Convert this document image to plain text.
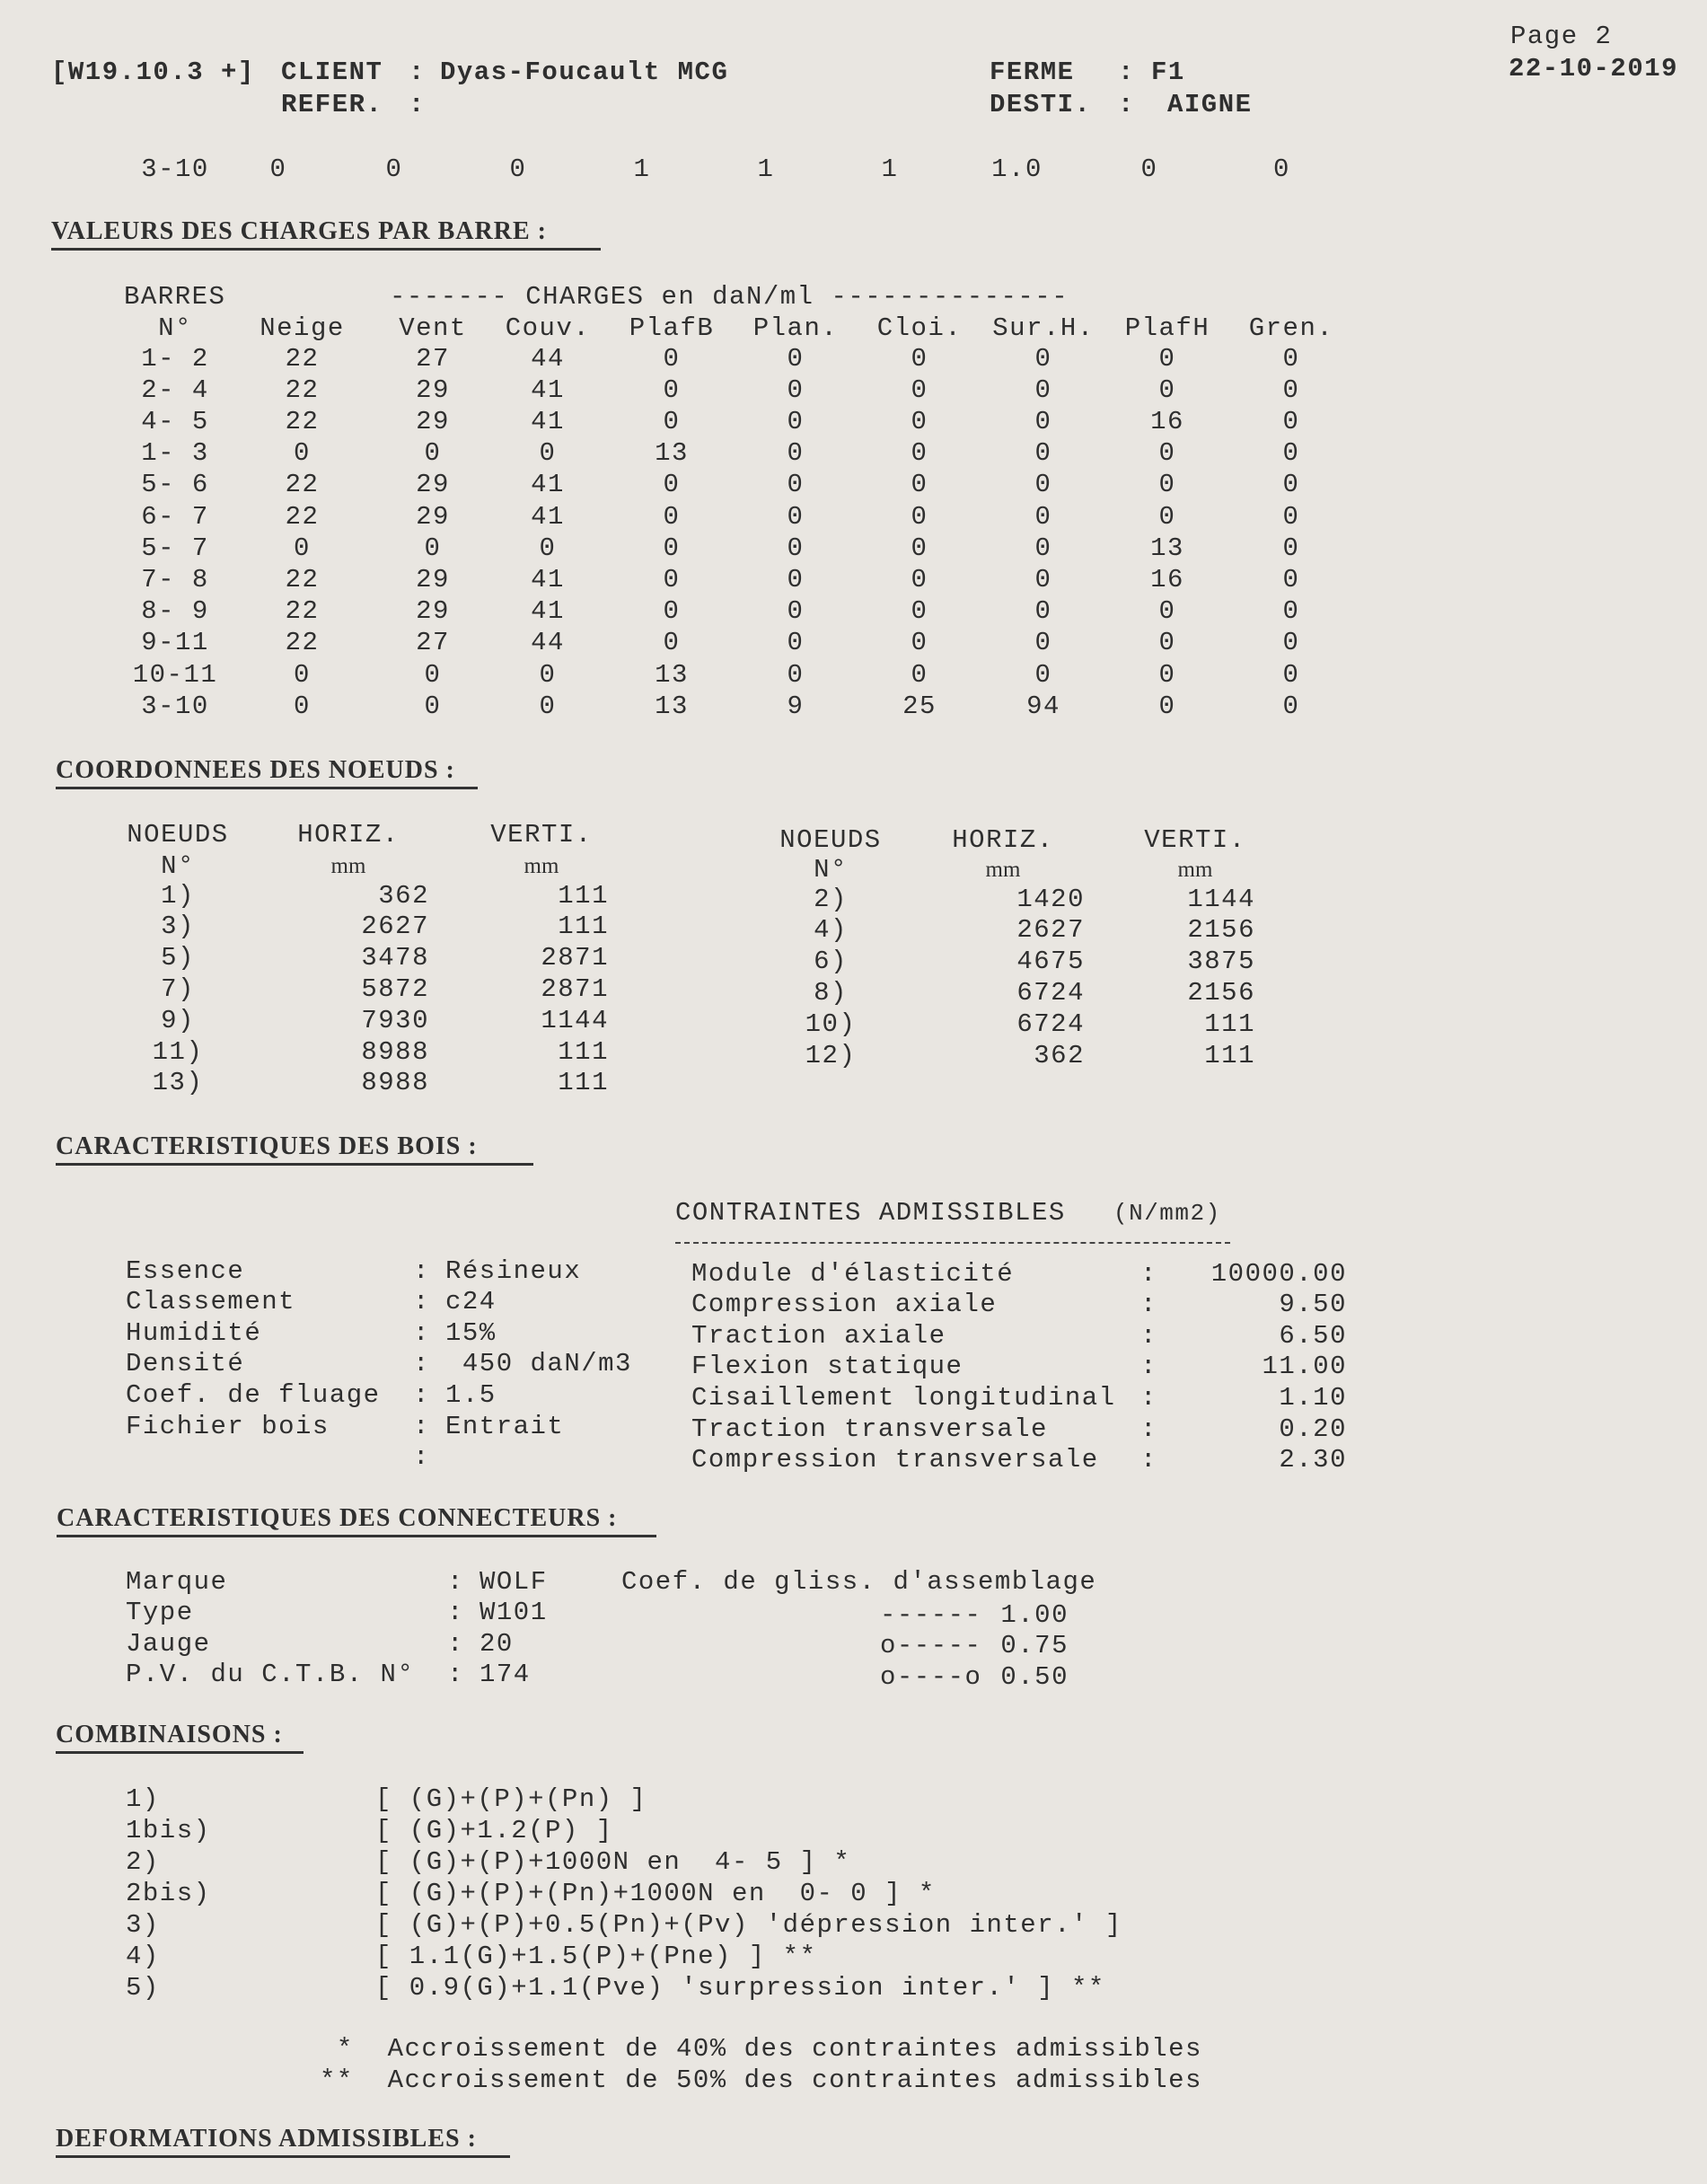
Page 2
22-10-2019
[W19.10.3 +] CLIENT : Dyas-Foucault MCG
REFER. :
FERME : F1
DESTI. : AIGNE
3-10	0	0	0	1	1	1	1.0	0	0
VALEURS DES CHARGES PAR BARRE :
BARRES	------- CHARGES en daN/ml --------------
N°	Neige	Vent	Couv.	PlafB	Plan.	Cloi.	Sur.H.	PlafH	Gren.
1- 2	22	27	44	0	0	0	0	0	0
2- 4	22	29	41	0	0	0	0	0	0
4- 5	22	29	41	0	0	0	0	16	0
1- 3	0	0	0	13	0	0	0	0	0
5- 6	22	29	41	0	0	0	0	0	0
6- 7	22	29	41	0	0	0	0	0	0
5- 7	0	0	0	0	0	0	0	13	0
7- 8	22	29	41	0	0	0	0	16	0
8- 9	22	29	41	0	0	0	0	0	0
9-11	22	27	44	0	0	0	0	0	0
10-11	0	0	0	13	0	0	0	0	0
3-10	0	0	0	13	9	25	94	0	0
COORDONNEES DES NOEUDS :
NOEUDS	HORIZ.	VERTI.
N°	mm	mm
NOEUDS	HORIZ.	VERTI.
N°	mm	mm
1)	362	111
3)	2627	111
5)	3478	2871
7)	5872	2871
9)	7930	1144
11)	8988	111
13)	8988	111
2)	1420	1144
4)	2627	2156
6)	4675	3875
8)	6724	2156
10)	6724	111
12)	362	111
CARACTERISTIQUES DES BOIS :
CONTRAINTES ADMISSIBLES (N/mm2)
Essence	: Résineux
Classement	: c24
Humidité	: 15%
Densité	: 450 daN/m3
Coef. de fluage	: 1.5
Fichier bois	: Entrait
:
Module d'élasticité	:	10000.00
Compression axiale	:	9.50
Traction axiale	:	6.50
Flexion statique	:	11.00
Cisaillement longitudinal :	1.10
Traction transversale	:	0.20
Compression transversale	:	2.30
CARACTERISTIQUES DES CONNECTEURS :
Coef. de gliss. d'assemblage
Marque	: WOLF
Type	: W101
Jauge	: 20
P.V. du C.T.B. N°	: 174
------ 1.00
o----- 0.75
o----o 0.50
COMBINAISONS :
1)	[ (G)+(P)+(Pn) ]
1bis)	[ (G)+1.2(P) ]
2)	[ (G)+(P)+1000N en  4- 5 ] *
2bis)	[ (G)+(P)+(Pn)+1000N en  0- 0 ] *
3)	[ (G)+(P)+0.5(Pn)+(Pv) 'dépression inter.' ]
4)	[ 1.1(G)+1.5(P)+(Pne) ] **
5)	[ 0.9(G)+1.1(Pve) 'surpression inter.' ] **
*  Accroissement de 40% des contraintes admissibles
**  Accroissement de 50% des contraintes admissibles
DEFORMATIONS ADMISSIBLES :
